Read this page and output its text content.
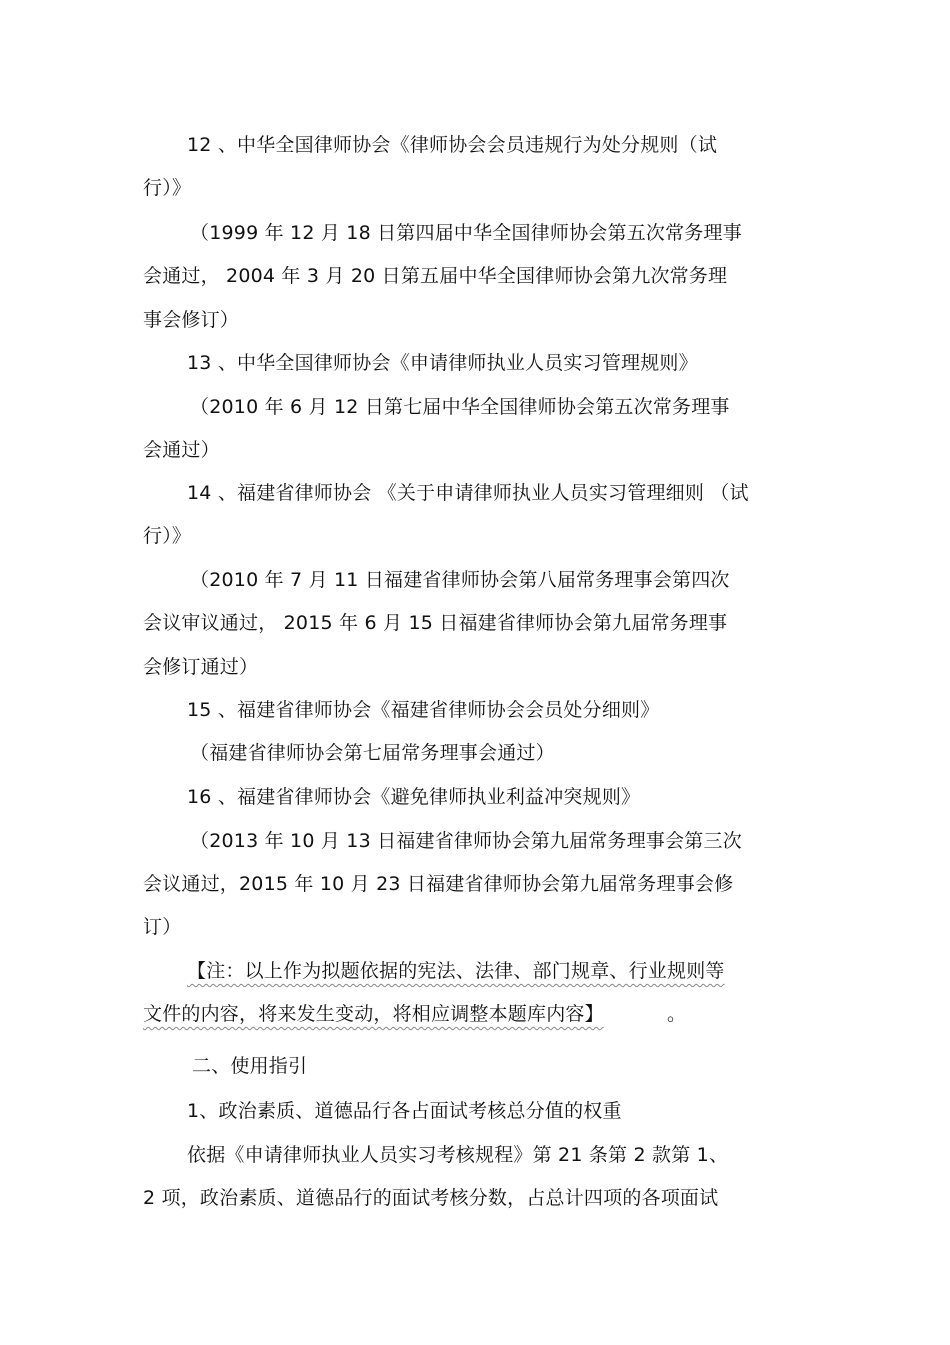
12 、中华全国律师协会《律师协会会员违规行为处分规则（试
行）》
（1999 年 12 月 18 日第四届中华全国律师协会第五次常务理事
会通过， 2004 年 3 月 20 日第五届中华全国律师协会第九次常务理
事会修订）
13 、中华全国律师协会《申请律师执业人员实习管理规则》
（2010 年 6 月 12 日第七届中华全国律师协会第五次常务理事
会通过）
14 、福建省律师协会 《关于申请律师执业人员实习管理细则 （试
行）》
（2010 年 7 月 11 日福建省律师协会第八届常务理事会第四次
会议审议通过， 2015 年 6 月 15 日福建省律师协会第九届常务理事
会修订通过）
15 、福建省律师协会《福建省律师协会会员处分细则》
（福建省律师协会第七届常务理事会通过）
16 、福建省律师协会《避免律师执业利益冲突规则》
（2013 年 10 月 13 日福建省律师协会第九届常务理事会第三次
会议通过，2015 年 10 月 23 日福建省律师协会第九届常务理事会修
订）
【注：以上作为拟题依据的宪法、法律、部门规章、行业规则等
文件的内容，将来发生变动，将相应调整本题库内容】	。
二、使用指引
1、政治素质、道德品行各占面试考核总分值的权重
依据《申请律师执业人员实习考核规程》第 21 条第 2 款第 1、
2 项，政治素质、道德品行的面试考核分数，占总计四项的各项面试
